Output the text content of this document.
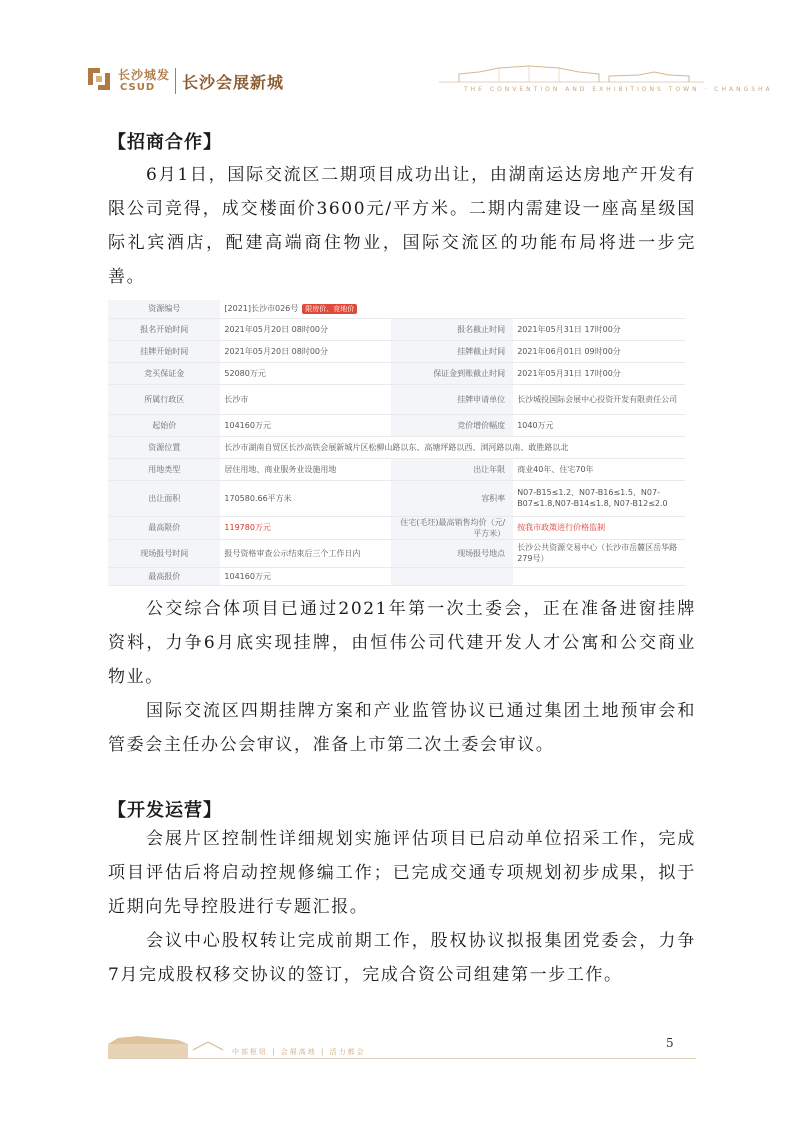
长沙城发
CSUD 长沙会展新城	THE CONVENTION AND EXHIBITIONS TOWN · CHANGSHA
【招商合作】
6月1日，国际交流区二期项目成功出让，由湖南运达房地产开发有限公司竞得，成交楼面价3600元/平方米。二期内需建设一座高星级国际礼宾酒店，配建高端商住物业，国际交流区的功能布局将进一步完善。
资源编号	[2021]长沙市026号 限房价、竞地价		
报名开始时间	2021年05月20日 08时00分	报名截止时间	2021年05月31日 17时00分
挂牌开始时间	2021年05月20日 08时00分	挂牌截止时间	2021年06月01日 09时00分
竞买保证金	52080万元	保证金到账截止时间	2021年05月31日 17时00分
所属行政区	长沙市	挂牌申请单位	长沙城投国际会展中心投资开发有限责任公司
起始价	104160万元	竞价增价幅度	1040万元
资源位置	长沙市湖南自贸区长沙高铁会展新城片区松柳山路以东、高塘坪路以西、浏河路以南、敢胜路以北		
用地类型	居住用地、商业服务业设施用地	出让年限	商业40年、住宅70年
出让面积	170580.66平方米	容积率	N07-B15≤1.2、N07-B16≤1.5、N07-B07≤1.8,N07-B14≤1.8, N07-B12≤2.0
最高限价	119780万元	住宅(毛坯)最高销售均价（元/平方米）	按我市政策进行价格监制
现场报号时间	报号资格审查公示结束后三个工作日内	现场报号地点	长沙公共资源交易中心（长沙市岳麓区岳华路279号）
最高报价	104160万元		
公交综合体项目已通过2021年第一次土委会，正在准备进窗挂牌资料，力争6月底实现挂牌，由恒伟公司代建开发人才公寓和公交商业物业。
国际交流区四期挂牌方案和产业监管协议已通过集团土地预审会和管委会主任办公会审议，准备上市第二次土委会审议。
【开发运营】
会展片区控制性详细规划实施评估项目已启动单位招采工作，完成项目评估后将启动控规修编工作；已完成交通专项规划初步成果，拟于近期向先导控股进行专题汇报。
会议中心股权转让完成前期工作，股权协议拟报集团党委会，力争7月完成股权移交协议的签订，完成合资公司组建第一步工作。
中部枢纽 | 会展高地 | 活力都会
5
